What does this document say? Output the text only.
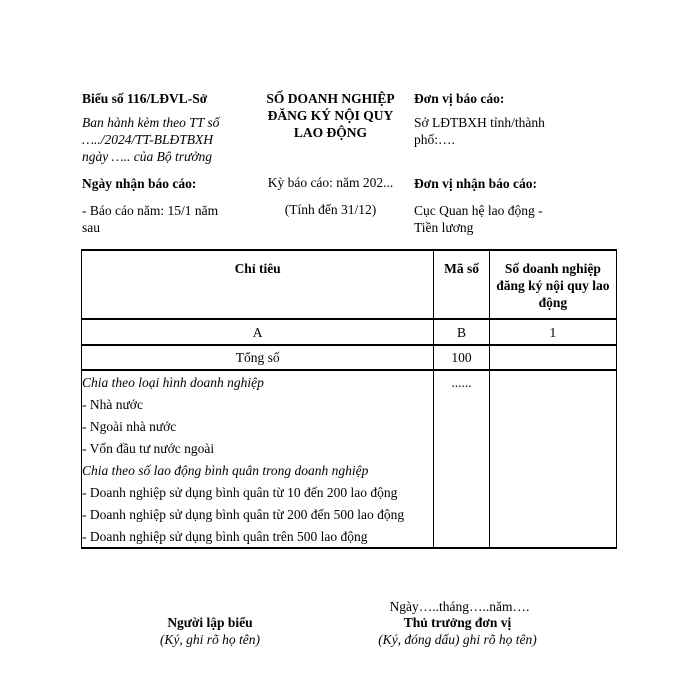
Biểu số 116/LĐVL-Sở
Ban hành kèm theo TT số
…../2024/TT-BLĐTBXH
ngày ….. của Bộ trưởng
Ngày nhận báo cáo:
- Báo cáo năm: 15/1 năm
sau
SỐ DOANH NGHIỆP
ĐĂNG KÝ NỘI QUY
LAO ĐỘNG
Kỳ báo cáo: năm 202...
(Tính đến 31/12)
Đơn vị báo cáo:
Sở LĐTBXH tỉnh/thành
phố:….
Đơn vị nhận báo cáo:
Cục Quan hệ lao động -
Tiền lương
Chỉ tiêu	Mã số	Số doanh nghiệp
đăng ký nội quy lao
động

A	B	1
Tổng số	100	
Chia theo loại hình doanh nghiệp	......	
- Nhà nước		
- Ngoài nhà nước		
- Vốn đầu tư nước ngoài		
Chia theo số lao động bình quân trong doanh nghiệp		
- Doanh nghiệp sử dụng bình quân từ 10 đến 200 lao động		
- Doanh nghiệp sử dụng bình quân từ 200 đến 500 lao động		
- Doanh nghiệp sử dụng bình quân trên 500 lao động		
Ngày…..tháng…..năm….
Người lập biểu
(Ký, ghi rõ họ tên)
Thủ trưởng đơn vị
(Ký, đóng dấu) ghi rõ họ tên)
